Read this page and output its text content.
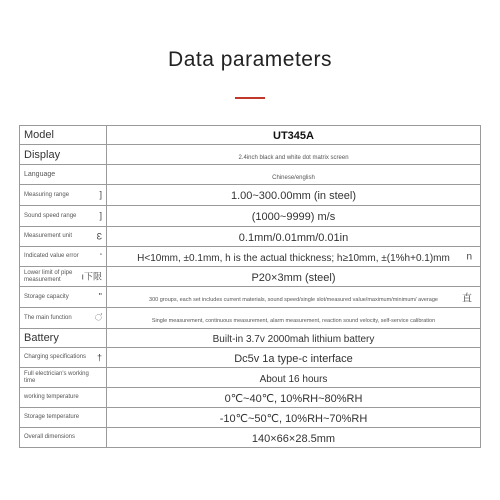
Data parameters
Model	UT345A

Display	2.4inch black and white dot matrix screen

Language	Chinese/english

Measuring range ]	1.00~300.00mm (in steel)

Sound speed range ]	(1000~9999) m/s

Measurement unit Ɛ	0.1mm/0.01mm/0.01in

Indicated value error ‘	H<10mm, ±0.1mm, h is the actual thickness; h≥10mm, ±(1%h+0.1)mm n

Lower limit of pipe measurement ı下限	P20×3mm (steel)

Storage capacity ʹʹ	300 groups, each set includes current materials, sound speed/single slot/measured value/maximum/minimum/ average 直

The main function ਂ	Single measurement, continuous measurement, alarm measurement, reaction sound velocity, self-service calibration

Battery	Built-in 3.7v 2000mah lithium battery

Charging specifications †	Dc5v 1a type-c interface

Full electrician's working time	About 16 hours

working temperature	0℃~40℃, 10%RH~80%RH

Storage temperature	-10℃~50℃, 10%RH~70%RH

Overall dimensions	140×66×28.5mm
